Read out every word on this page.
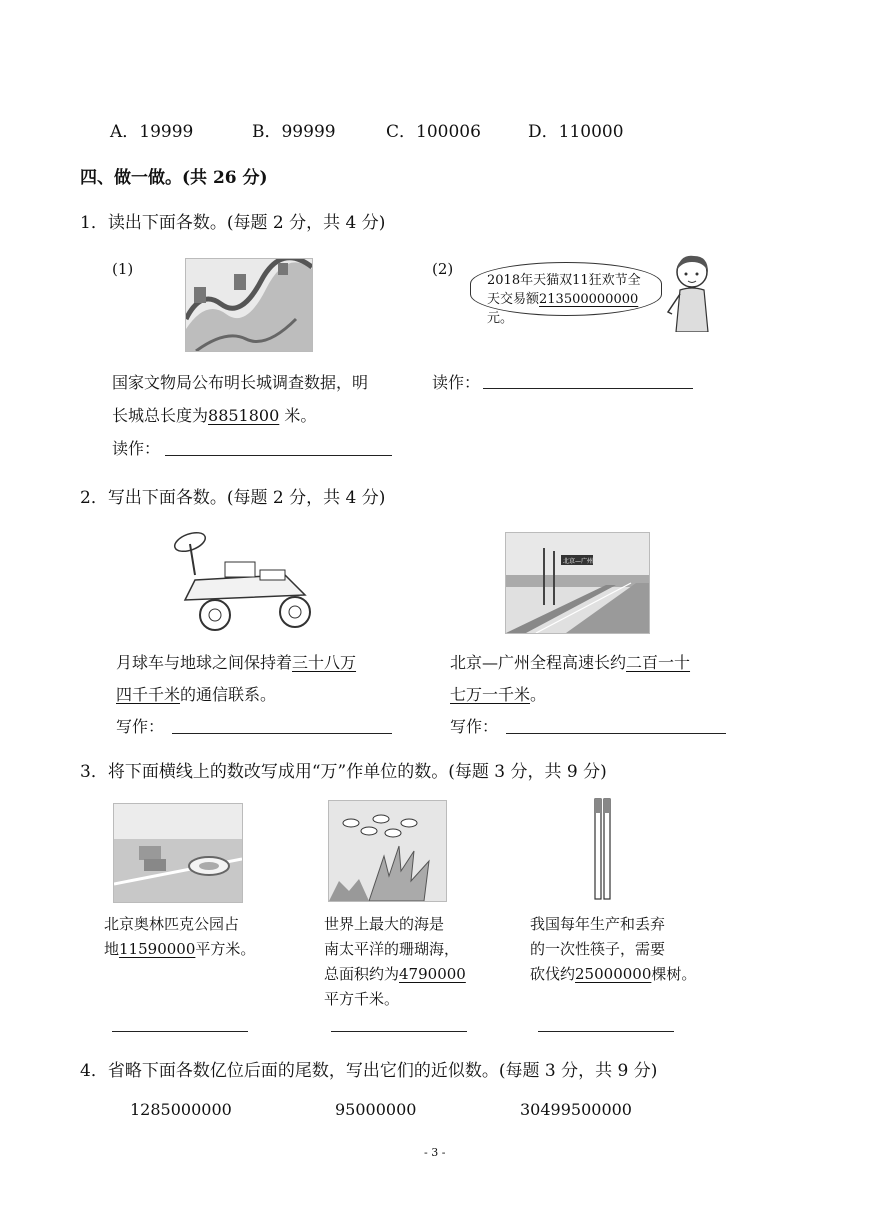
A．19999	B．99999	C．100006	D．110000
四、做一做。(共 26 分)
1．读出下面各数。(每题 2 分，共 4 分)
(1)
国家文物局公布明长城调查数据，明
长城总长度为8851800 米。
读作：
(2)
2018年天猫双11狂欢节全
天交易额213500000000元。
读作：
2．写出下面各数。(每题 2 分，共 4 分)
月球车与地球之间保持着三十八万
四千千米的通信联系。
写作：
北京—广州
北京—广州全程高速长约二百一十
七万一千米。
写作：
3．将下面横线上的数改写成用“万”作单位的数。(每题 3 分，共 9 分)
北京奥林匹克公园占
地11590000平方米。
世界上最大的海是
南太平洋的珊瑚海，
总面积约为4790000
平方千米。
我国每年生产和丢弃
的一次性筷子，需要
砍伐约25000000棵树。
4．省略下面各数亿位后面的尾数，写出它们的近似数。(每题 3 分，共 9 分)
1285000000	95000000	30499500000
- 3 -
